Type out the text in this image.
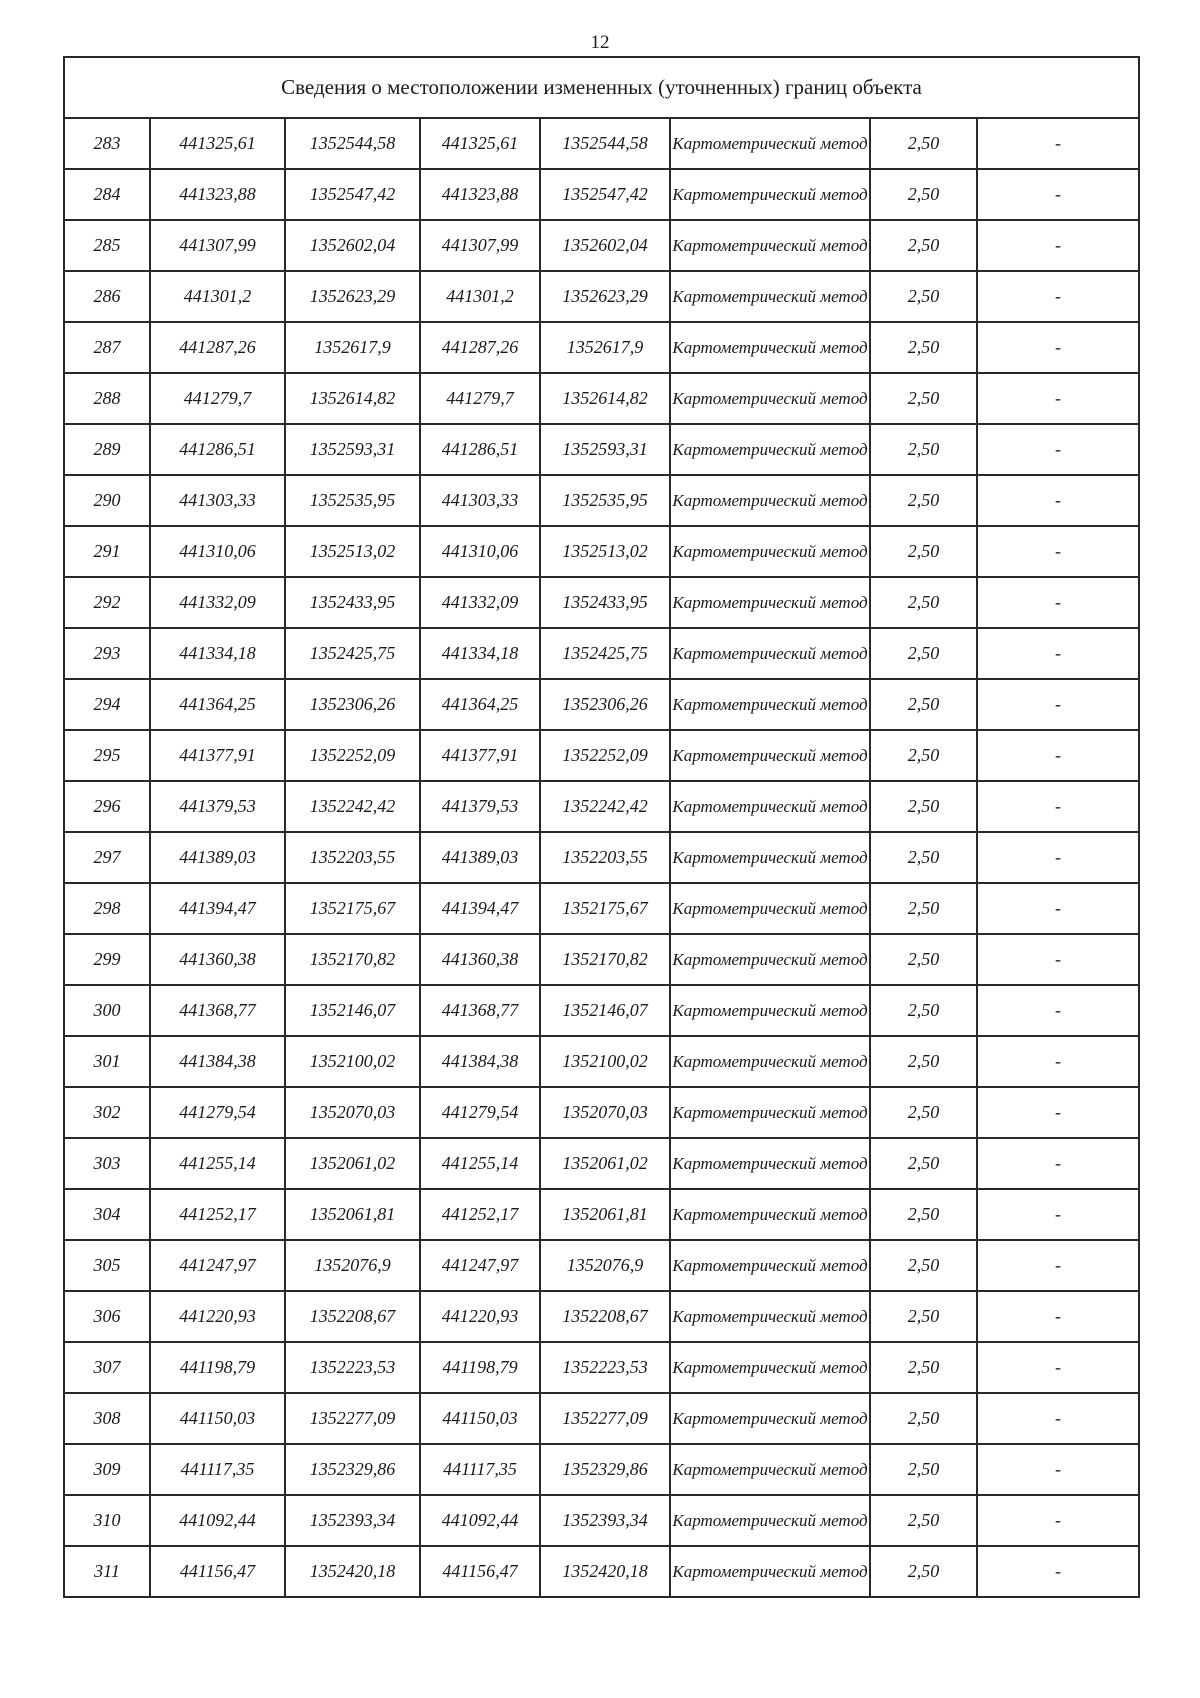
12
Сведения о местоположении измененных (уточненных) границ объекта							
283	441325,61	1352544,58	441325,61	1352544,58	Картометрический метод	2,50	-
284	441323,88	1352547,42	441323,88	1352547,42	Картометрический метод	2,50	-
285	441307,99	1352602,04	441307,99	1352602,04	Картометрический метод	2,50	-
286	441301,2	1352623,29	441301,2	1352623,29	Картометрический метод	2,50	-
287	441287,26	1352617,9	441287,26	1352617,9	Картометрический метод	2,50	-
288	441279,7	1352614,82	441279,7	1352614,82	Картометрический метод	2,50	-
289	441286,51	1352593,31	441286,51	1352593,31	Картометрический метод	2,50	-
290	441303,33	1352535,95	441303,33	1352535,95	Картометрический метод	2,50	-
291	441310,06	1352513,02	441310,06	1352513,02	Картометрический метод	2,50	-
292	441332,09	1352433,95	441332,09	1352433,95	Картометрический метод	2,50	-
293	441334,18	1352425,75	441334,18	1352425,75	Картометрический метод	2,50	-
294	441364,25	1352306,26	441364,25	1352306,26	Картометрический метод	2,50	-
295	441377,91	1352252,09	441377,91	1352252,09	Картометрический метод	2,50	-
296	441379,53	1352242,42	441379,53	1352242,42	Картометрический метод	2,50	-
297	441389,03	1352203,55	441389,03	1352203,55	Картометрический метод	2,50	-
298	441394,47	1352175,67	441394,47	1352175,67	Картометрический метод	2,50	-
299	441360,38	1352170,82	441360,38	1352170,82	Картометрический метод	2,50	-
300	441368,77	1352146,07	441368,77	1352146,07	Картометрический метод	2,50	-
301	441384,38	1352100,02	441384,38	1352100,02	Картометрический метод	2,50	-
302	441279,54	1352070,03	441279,54	1352070,03	Картометрический метод	2,50	-
303	441255,14	1352061,02	441255,14	1352061,02	Картометрический метод	2,50	-
304	441252,17	1352061,81	441252,17	1352061,81	Картометрический метод	2,50	-
305	441247,97	1352076,9	441247,97	1352076,9	Картометрический метод	2,50	-
306	441220,93	1352208,67	441220,93	1352208,67	Картометрический метод	2,50	-
307	441198,79	1352223,53	441198,79	1352223,53	Картометрический метод	2,50	-
308	441150,03	1352277,09	441150,03	1352277,09	Картометрический метод	2,50	-
309	441117,35	1352329,86	441117,35	1352329,86	Картометрический метод	2,50	-
310	441092,44	1352393,34	441092,44	1352393,34	Картометрический метод	2,50	-
311	441156,47	1352420,18	441156,47	1352420,18	Картометрический метод	2,50	-
